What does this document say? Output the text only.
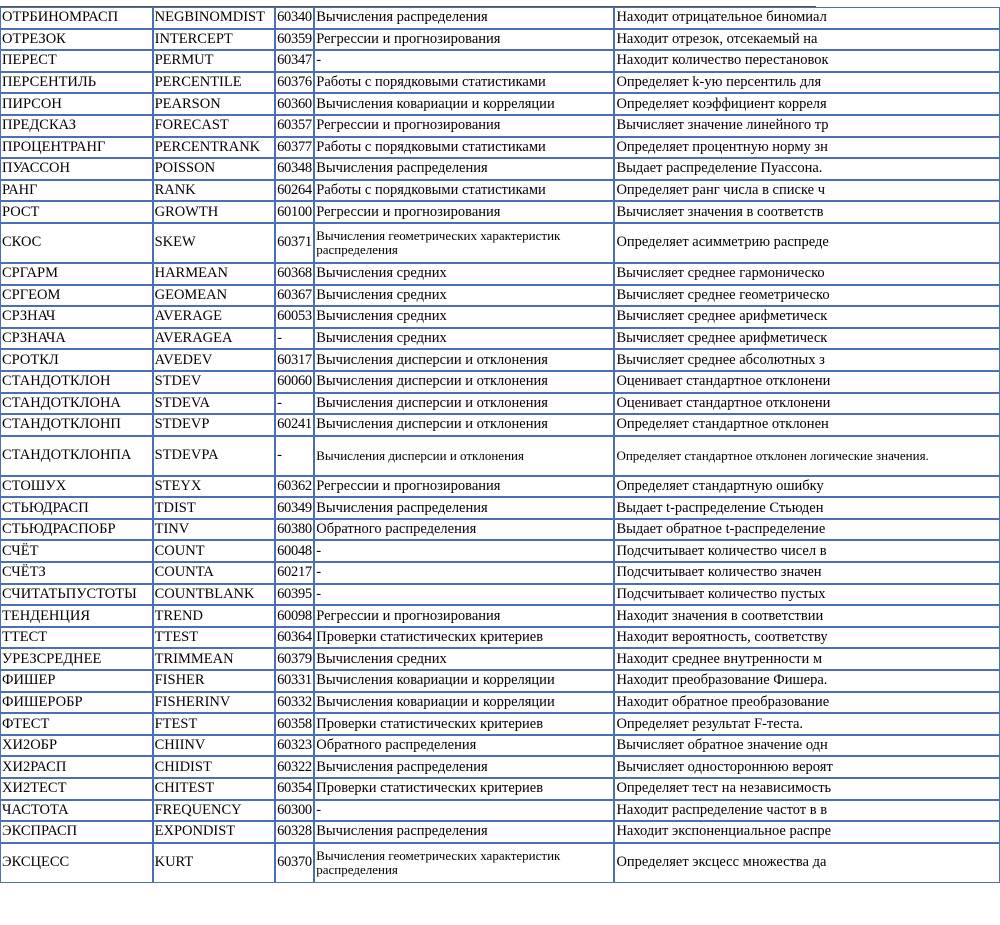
ОТРБИНОМРАСП	NEGBINOMDIST	60340	Вычисления распределения	Находит отрицательное биномиал
ОТРЕЗОК	INTERCEPT	60359	Регрессии и прогнозирования	Находит отрезок, отсекаемый на
ПЕРЕСТ	PERMUT	60347	-	Находит количество перестановок
ПЕРСЕНТИЛЬ	PERCENTILE	60376	Работы с порядковыми статистиками	Определяет k-ую персентиль для
ПИРСОН	PEARSON	60360	Вычисления ковариации и корреляции	Определяет коэффициент корреля
ПРЕДСКАЗ	FORECAST	60357	Регрессии и прогнозирования	Вычисляет значение линейного тр
ПРОЦЕНТРАНГ	PERCENTRANK	60377	Работы с порядковыми статистиками	Определяет процентную норму зн
ПУАССОН	POISSON	60348	Вычисления распределения	Выдает распределение Пуассона.
РАНГ	RANK	60264	Работы с порядковыми статистиками	Определяет ранг числа в списке ч
РОСТ	GROWTH	60100	Регрессии и прогнозирования	Вычисляет значения в соответств
СКОС	SKEW	60371	Вычисления геометрических характеристик распределения	Определяет асимметрию распреде
СРГАРМ	HARMEAN	60368	Вычисления средних	Вычисляет среднее гармоническо
СРГЕОМ	GEOMEAN	60367	Вычисления средних	Вычисляет среднее геометрическо
СРЗНАЧ	AVERAGE	60053	Вычисления средних	Вычисляет среднее арифметическ
СРЗНАЧА	AVERAGEA	-	Вычисления средних	Вычисляет среднее арифметическ
СРОТКЛ	AVEDEV	60317	Вычисления дисперсии и отклонения	Вычисляет среднее абсолютных з
СТАНДОТКЛОН	STDEV	60060	Вычисления дисперсии и отклонения	Оценивает стандартное отклонени
СТАНДОТКЛОНА	STDEVA	-	Вычисления дисперсии и отклонения	Оценивает стандартное отклонени
СТАНДОТКЛОНП	STDEVP	60241	Вычисления дисперсии и отклонения	Определяет стандартное отклонен
СТАНДОТКЛОНПА	STDEVPA	-	Вычисления дисперсии и отклонения	Определяет стандартное отклонен логические значения.
СТОШУХ	STEYX	60362	Регрессии и прогнозирования	Определяет стандартную ошибку
СТЬЮДРАСП	TDIST	60349	Вычисления распределения	Выдает t-распределение Стьюден
СТЬЮДРАСПОБР	TINV	60380	Обратного распределения	Выдает обратное t-распределение
СЧЁТ	COUNT	60048	-	Подсчитывает количество чисел в
СЧЁТЗ	COUNTA	60217	-	Подсчитывает количество значен
СЧИТАТЬПУСТОТЫ	COUNTBLANK	60395	-	Подсчитывает количество пустых
ТЕНДЕНЦИЯ	TREND	60098	Регрессии и прогнозирования	Находит значения в соответствии
ТТЕСТ	TTEST	60364	Проверки статистических критериев	Находит вероятность, соответству
УРЕЗСРЕДНЕЕ	TRIMMEAN	60379	Вычисления средних	Находит среднее внутренности м
ФИШЕР	FISHER	60331	Вычисления ковариации и корреляции	Находит преобразование Фишера.
ФИШЕРОБР	FISHERINV	60332	Вычисления ковариации и корреляции	Находит обратное преобразование
ФТЕСТ	FTEST	60358	Проверки статистических критериев	Определяет результат F-теста.
ХИ2ОБР	CHIINV	60323	Обратного распределения	Вычисляет обратное значение одн
ХИ2РАСП	CHIDIST	60322	Вычисления распределения	Вычисляет одностороннюю вероят
ХИ2ТЕСТ	CHITEST	60354	Проверки статистических критериев	Определяет тест на независимость
ЧАСТОТА	FREQUENCY	60300	-	Находит распределение частот в в
ЭКСПРАСП	EXPONDIST	60328	Вычисления распределения	Находит экспоненциальное распре
ЭКСЦЕСС	KURT	60370	Вычисления геометрических характеристик распределения	Определяет эксцесс множества да
